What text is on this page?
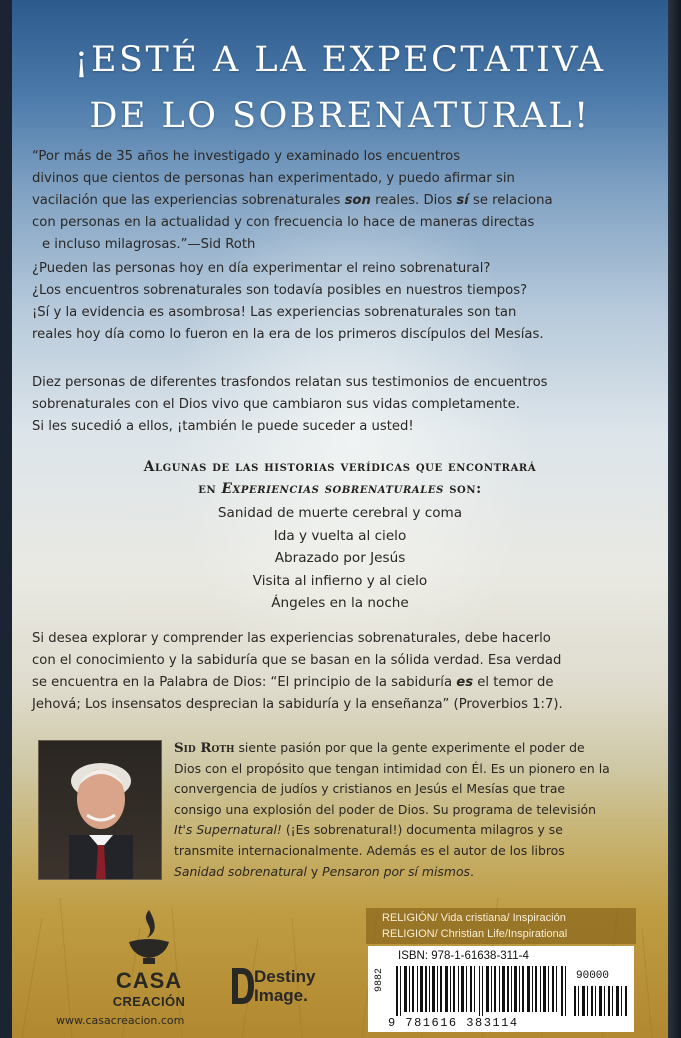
¡ESTÉ A LA EXPECTATIVA
DE LO SOBRENATURAL!

“Por más de 35 años he investigado y examinado los encuentros

divinos que cientos de personas han experimentado, y puedo afirmar sin

vacilación que las experiencias sobrenaturales son reales. Dios sí se relaciona

con personas en la actualidad y con frecuencia lo hace de maneras directas

e incluso milagrosas.”—Sid Roth

¿Pueden las personas hoy en día experimentar el reino sobrenatural?

¿Los encuentros sobrenaturales son todavía posibles en nuestros tiempos?

¡Sí y la evidencia es asombrosa! Las experiencias sobrenaturales son tan

reales hoy día como lo fueron en la era de los primeros discípulos del Mesías.

Diez personas de diferentes trasfondos relatan sus testimonios de encuentros

sobrenaturales con el Dios vivo que cambiaron sus vidas completamente.

Si les sucedió a ellos, ¡también le puede suceder a usted!

Algunas de las historias verídicas que encontrará
en Experiencias sobrenaturales son:
Sanidad de muerte cerebral y coma
Ida y vuelta al cielo
Abrazado por Jesús
Visita al infierno y al cielo
Ángeles en la noche

Si desea explorar y comprender las experiencias sobrenaturales, debe hacerlo

con el conocimiento y la sabiduría que se basan en la sólida verdad. Esa verdad

se encuentra en la Palabra de Dios: “El principio de la sabiduría es el temor de

Jehová; Los insensatos desprecian la sabiduría y la enseñanza” (Proverbios 1:7).

Sid Roth siente pasión por que la gente experimente el poder de
Dios con el propósito que tengan intimidad con Él. Es un pionero en la
convergencia de judíos y cristianos en Jesús el Mesías que trae
consigo una explosión del poder de Dios. Su programa de televisión
It's Supernatural! (¡Es sobrenatural!) documenta milagros y se
transmite internacionalmente. Además es el autor de los libros
Sanidad sobrenatural y Pensaron por sí mismos.
CASA
CREACIÓN
www.casacreacion.com
Destiny
Image.
RELIGIÓN/ Vida cristiana/ Inspiración
RELIGION/ Christian Life/Inspirational
9882
ISBN: 978-1-61638-311-4
90000
9 781616 383114
